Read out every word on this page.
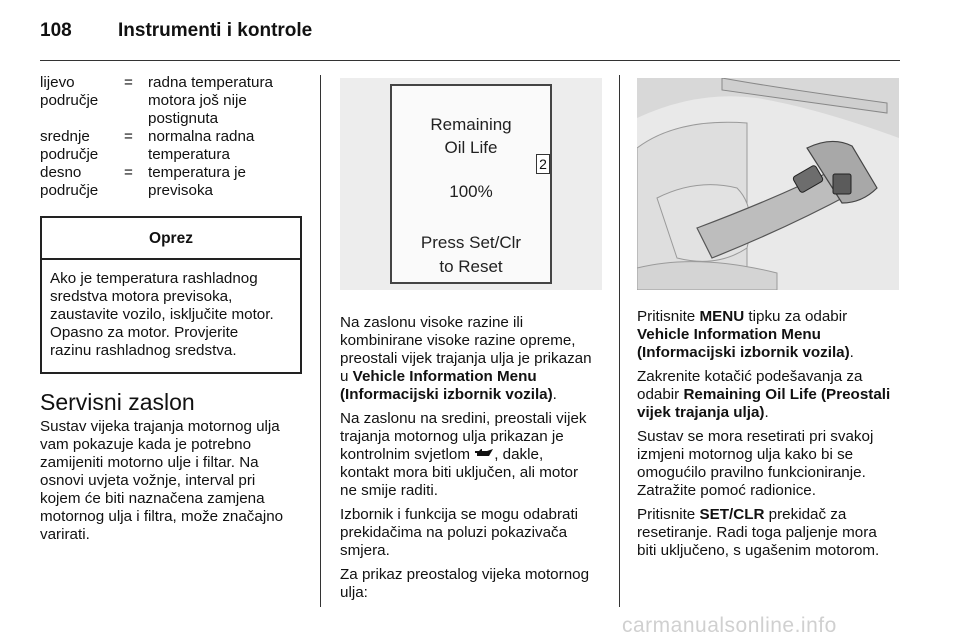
108 Instrumenti i kontrole
lijevo
područje
= radna temperatura
motora još nije
postignuta
srednje
područje
= normalna radna
temperatura
desno
područje
= temperatura je
previsoka
Oprez
Ako je temperatura rashladnog
sredstva motora previsoka,
zaustavite vozilo, isključite motor.
Opasno za motor. Provjerite
razinu rashladnog sredstva.
Servisni zaslon
Sustav vijeka trajanja motornog ulja
vam pokazuje kada je potrebno
zamijeniti motorno ulje i filtar. Na
osnovi uvjeta vožnje, interval pri
kojem će biti naznačena zamjena
motornog ulja i filtra, može značajno
varirati.
Remaining
Oil Life
100%
Press Set/Clr
to Reset
2
Na zaslonu visoke razine ili
kombinirane visoke razine opreme,
preostali vijek trajanja ulja je prikazan
u Vehicle Information Menu
(Informacijski izbornik vozila).
Na zaslonu na sredini, preostali vijek
trajanja motornog ulja prikazan je
kontrolnim svjetlom , dakle,
kontakt mora biti uključen, ali motor
ne smije raditi.
Izbornik i funkcija se mogu odabrati
prekidačima na poluzi pokazivača
smjera.
Za prikaz preostalog vijeka motornog
ulja:
Pritisnite MENU tipku za odabir
Vehicle Information Menu
(Informacijski izbornik vozila).
Zakrenite kotačić podešavanja za
odabir Remaining Oil Life (Preostali
vijek trajanja ulja).
Sustav se mora resetirati pri svakoj
izmjeni motornog ulja kako bi se
omogućilo pravilno funkcioniranje.
Zatražite pomoć radionice.
Pritisnite SET/CLR prekidač za
resetiranje. Radi toga paljenje mora
biti uključeno, s ugašenim motorom.
carmanualsonline.info
